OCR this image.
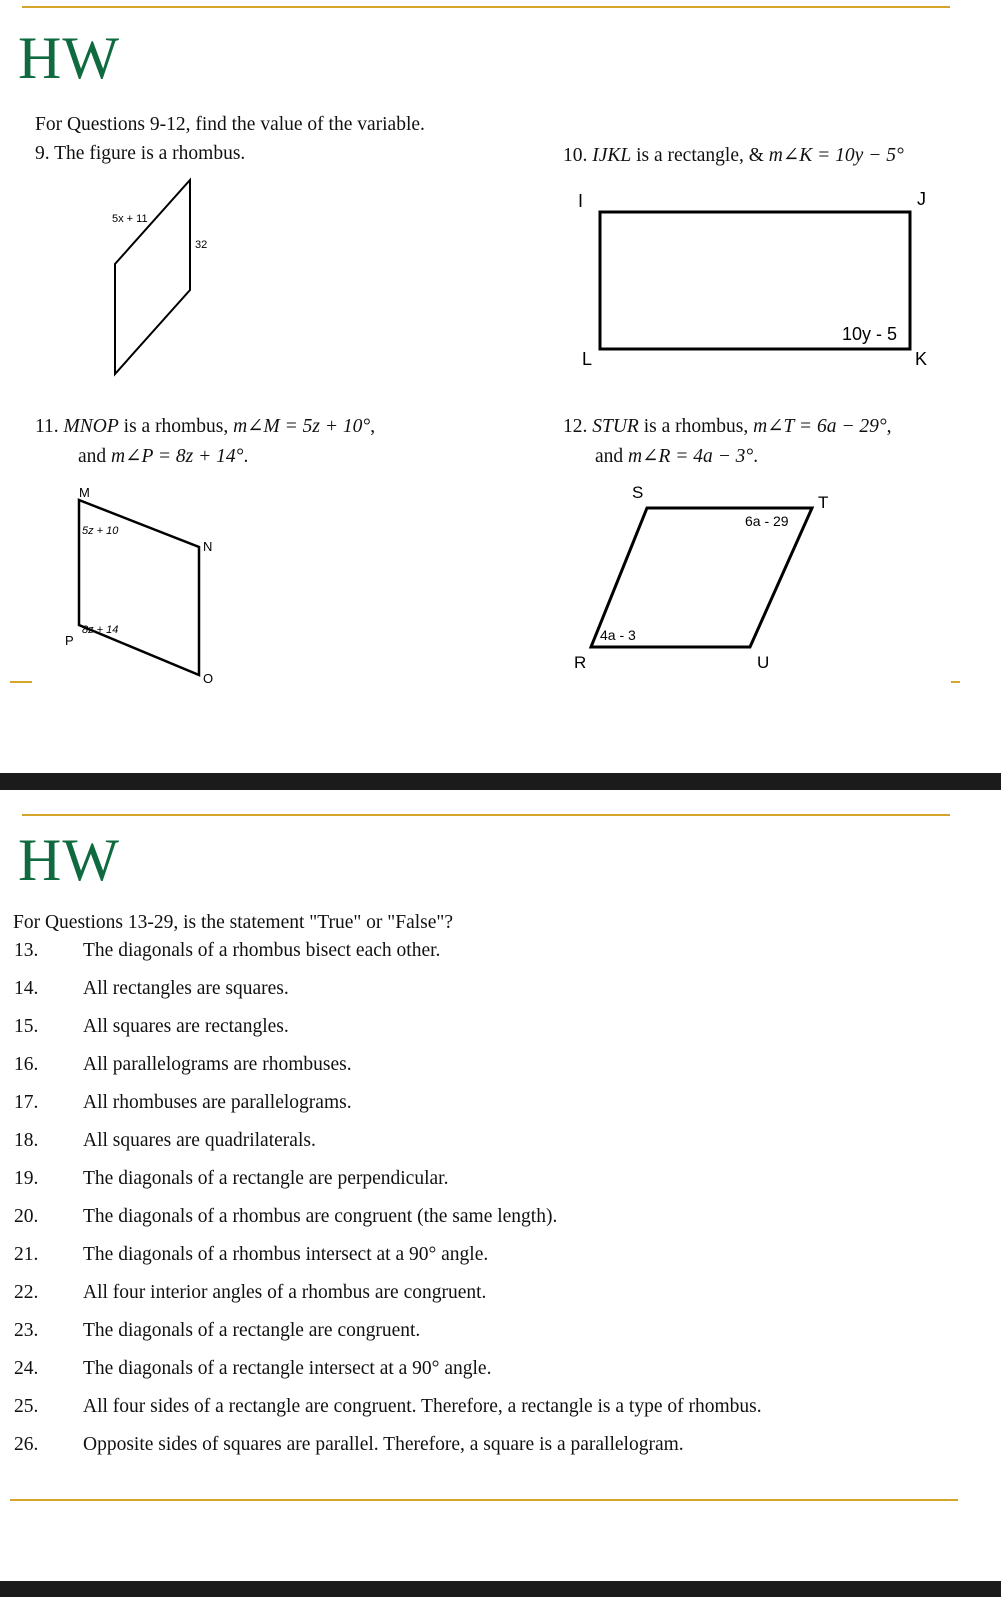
HW
For Questions 9-12, find the value of the variable.
9. The figure is a rhombus.	10. IJKL is a rectangle, & m∠K = 10y − 5°
5x + 11
32
I	J
K
L
10y - 5
11. MNOP is a rhombus, m∠M = 5z + 10°,
and m∠P = 8z + 14°.
12. STUR is a rhombus, m∠T = 6a − 29°,
and m∠R = 4a − 3°.
M
N
O
P
5z + 10
8z + 14
S
T
U
R
6a - 29
4a - 3
HW
For Questions 13-29, is the statement "True" or "False"?
13. The diagonals of a rhombus bisect each other.
14. All rectangles are squares.
15. All squares are rectangles.
16. All parallelograms are rhombuses.
17. All rhombuses are parallelograms.
18. All squares are quadrilaterals.
19. The diagonals of a rectangle are perpendicular.
20. The diagonals of a rhombus are congruent (the same length).
21. The diagonals of a rhombus intersect at a 90° angle.
22. All four interior angles of a rhombus are congruent.
23. The diagonals of a rectangle are congruent.
24. The diagonals of a rectangle intersect at a 90° angle.
25. All four sides of a rectangle are congruent. Therefore, a rectangle is a type of rhombus.
26. Opposite sides of squares are parallel. Therefore, a square is a parallelogram.
